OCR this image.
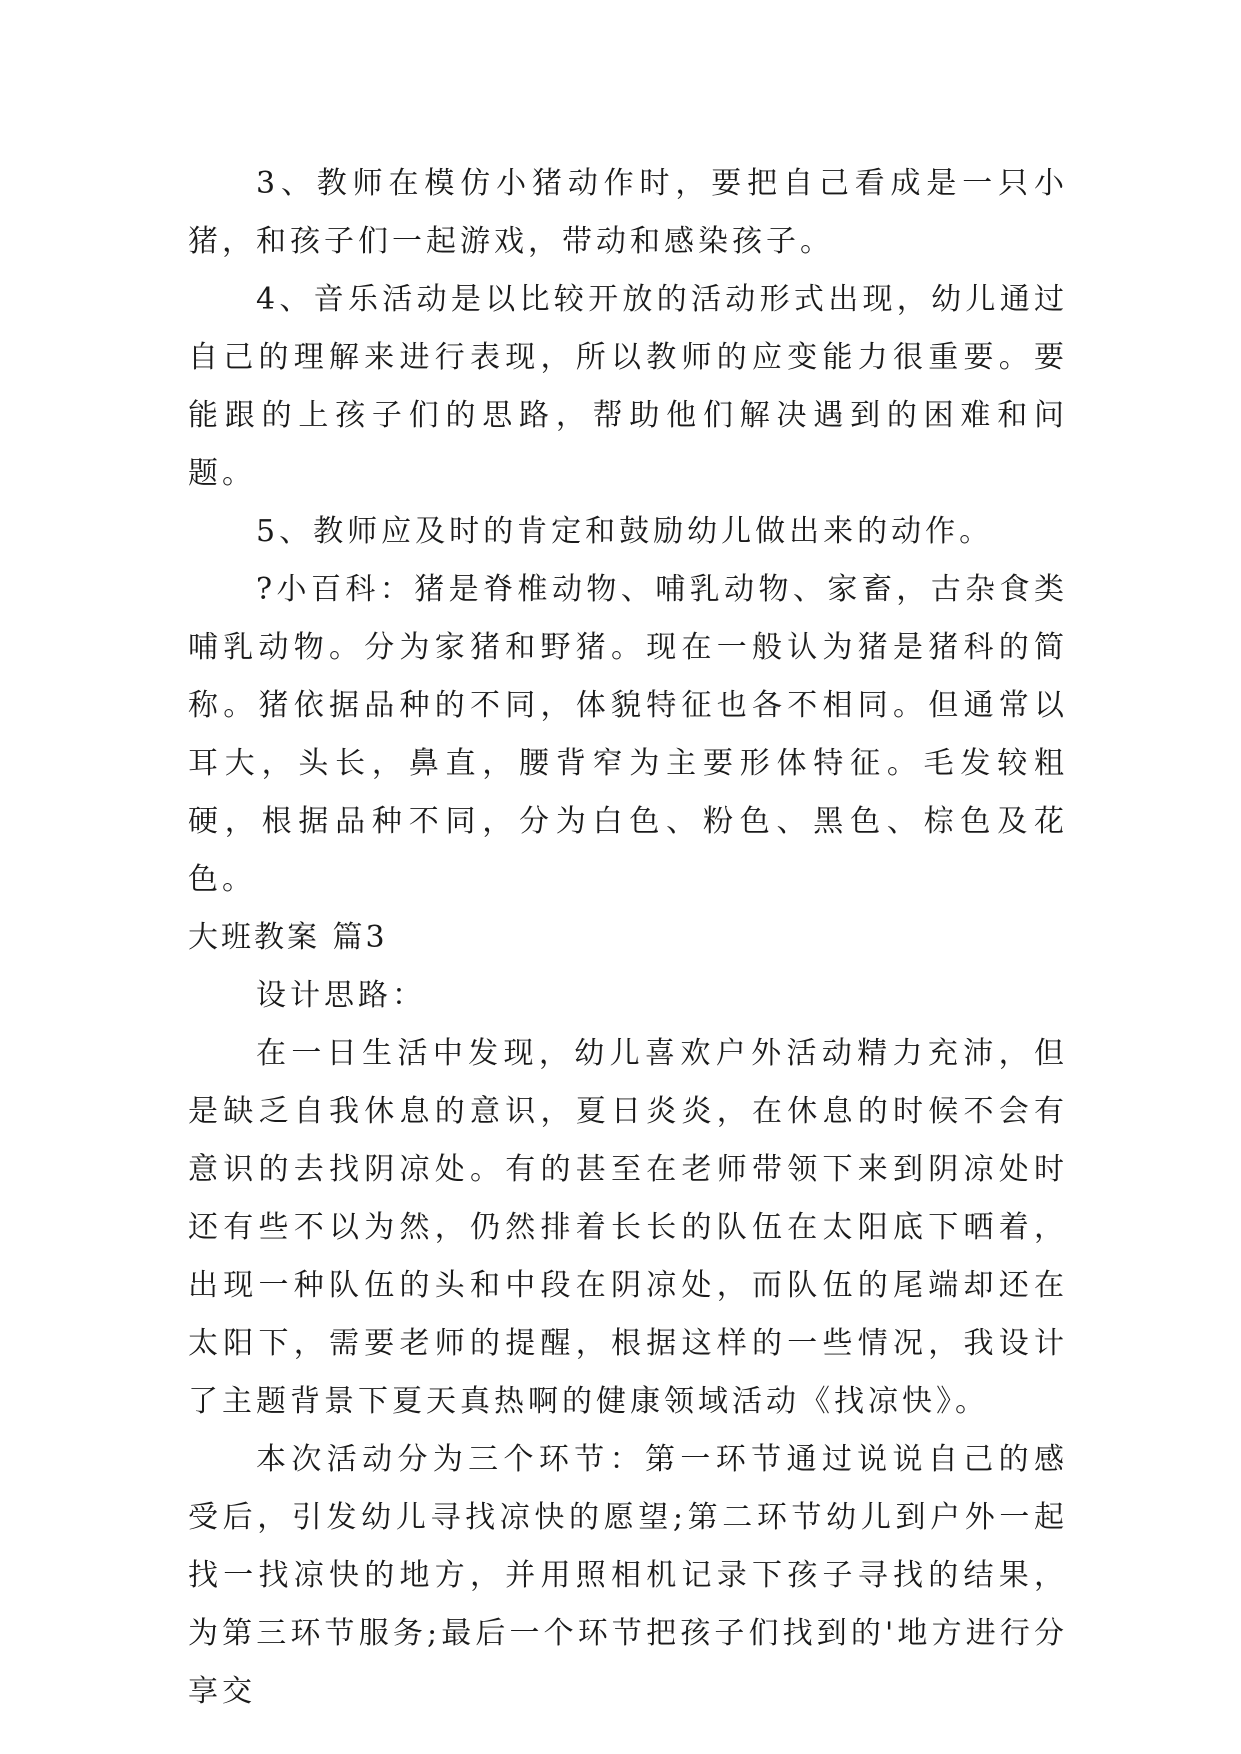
3、教师在模仿小猪动作时，要把自己看成是一只小猪，和孩子们一起游戏，带动和感染孩子。

4、音乐活动是以比较开放的活动形式出现，幼儿通过自己的理解来进行表现，所以教师的应变能力很重要。要能跟的上孩子们的思路，帮助他们解决遇到的困难和问题。

5、教师应及时的肯定和鼓励幼儿做出来的动作。

?小百科：猪是脊椎动物、哺乳动物、家畜，古杂食类哺乳动物。分为家猪和野猪。现在一般认为猪是猪科的简称。猪依据品种的不同，体貌特征也各不相同。但通常以耳大，头长，鼻直，腰背窄为主要形体特征。毛发较粗硬，根据品种不同，分为白色、粉色、黑色、棕色及花色。

大班教案 篇3

设计思路：

在一日生活中发现，幼儿喜欢户外活动精力充沛，但是缺乏自我休息的意识，夏日炎炎，在休息的时候不会有意识的去找阴凉处。有的甚至在老师带领下来到阴凉处时还有些不以为然，仍然排着长长的队伍在太阳底下晒着，出现一种队伍的头和中段在阴凉处，而队伍的尾端却还在太阳下，需要老师的提醒，根据这样的一些情况，我设计了主题背景下夏天真热啊的健康领域活动《找凉快》。

本次活动分为三个环节：第一环节通过说说自己的感受后，引发幼儿寻找凉快的愿望;第二环节幼儿到户外一起找一找凉快的地方，并用照相机记录下孩子寻找的结果，为第三环节服务;最后一个环节把孩子们找到的'地方进行分享交
